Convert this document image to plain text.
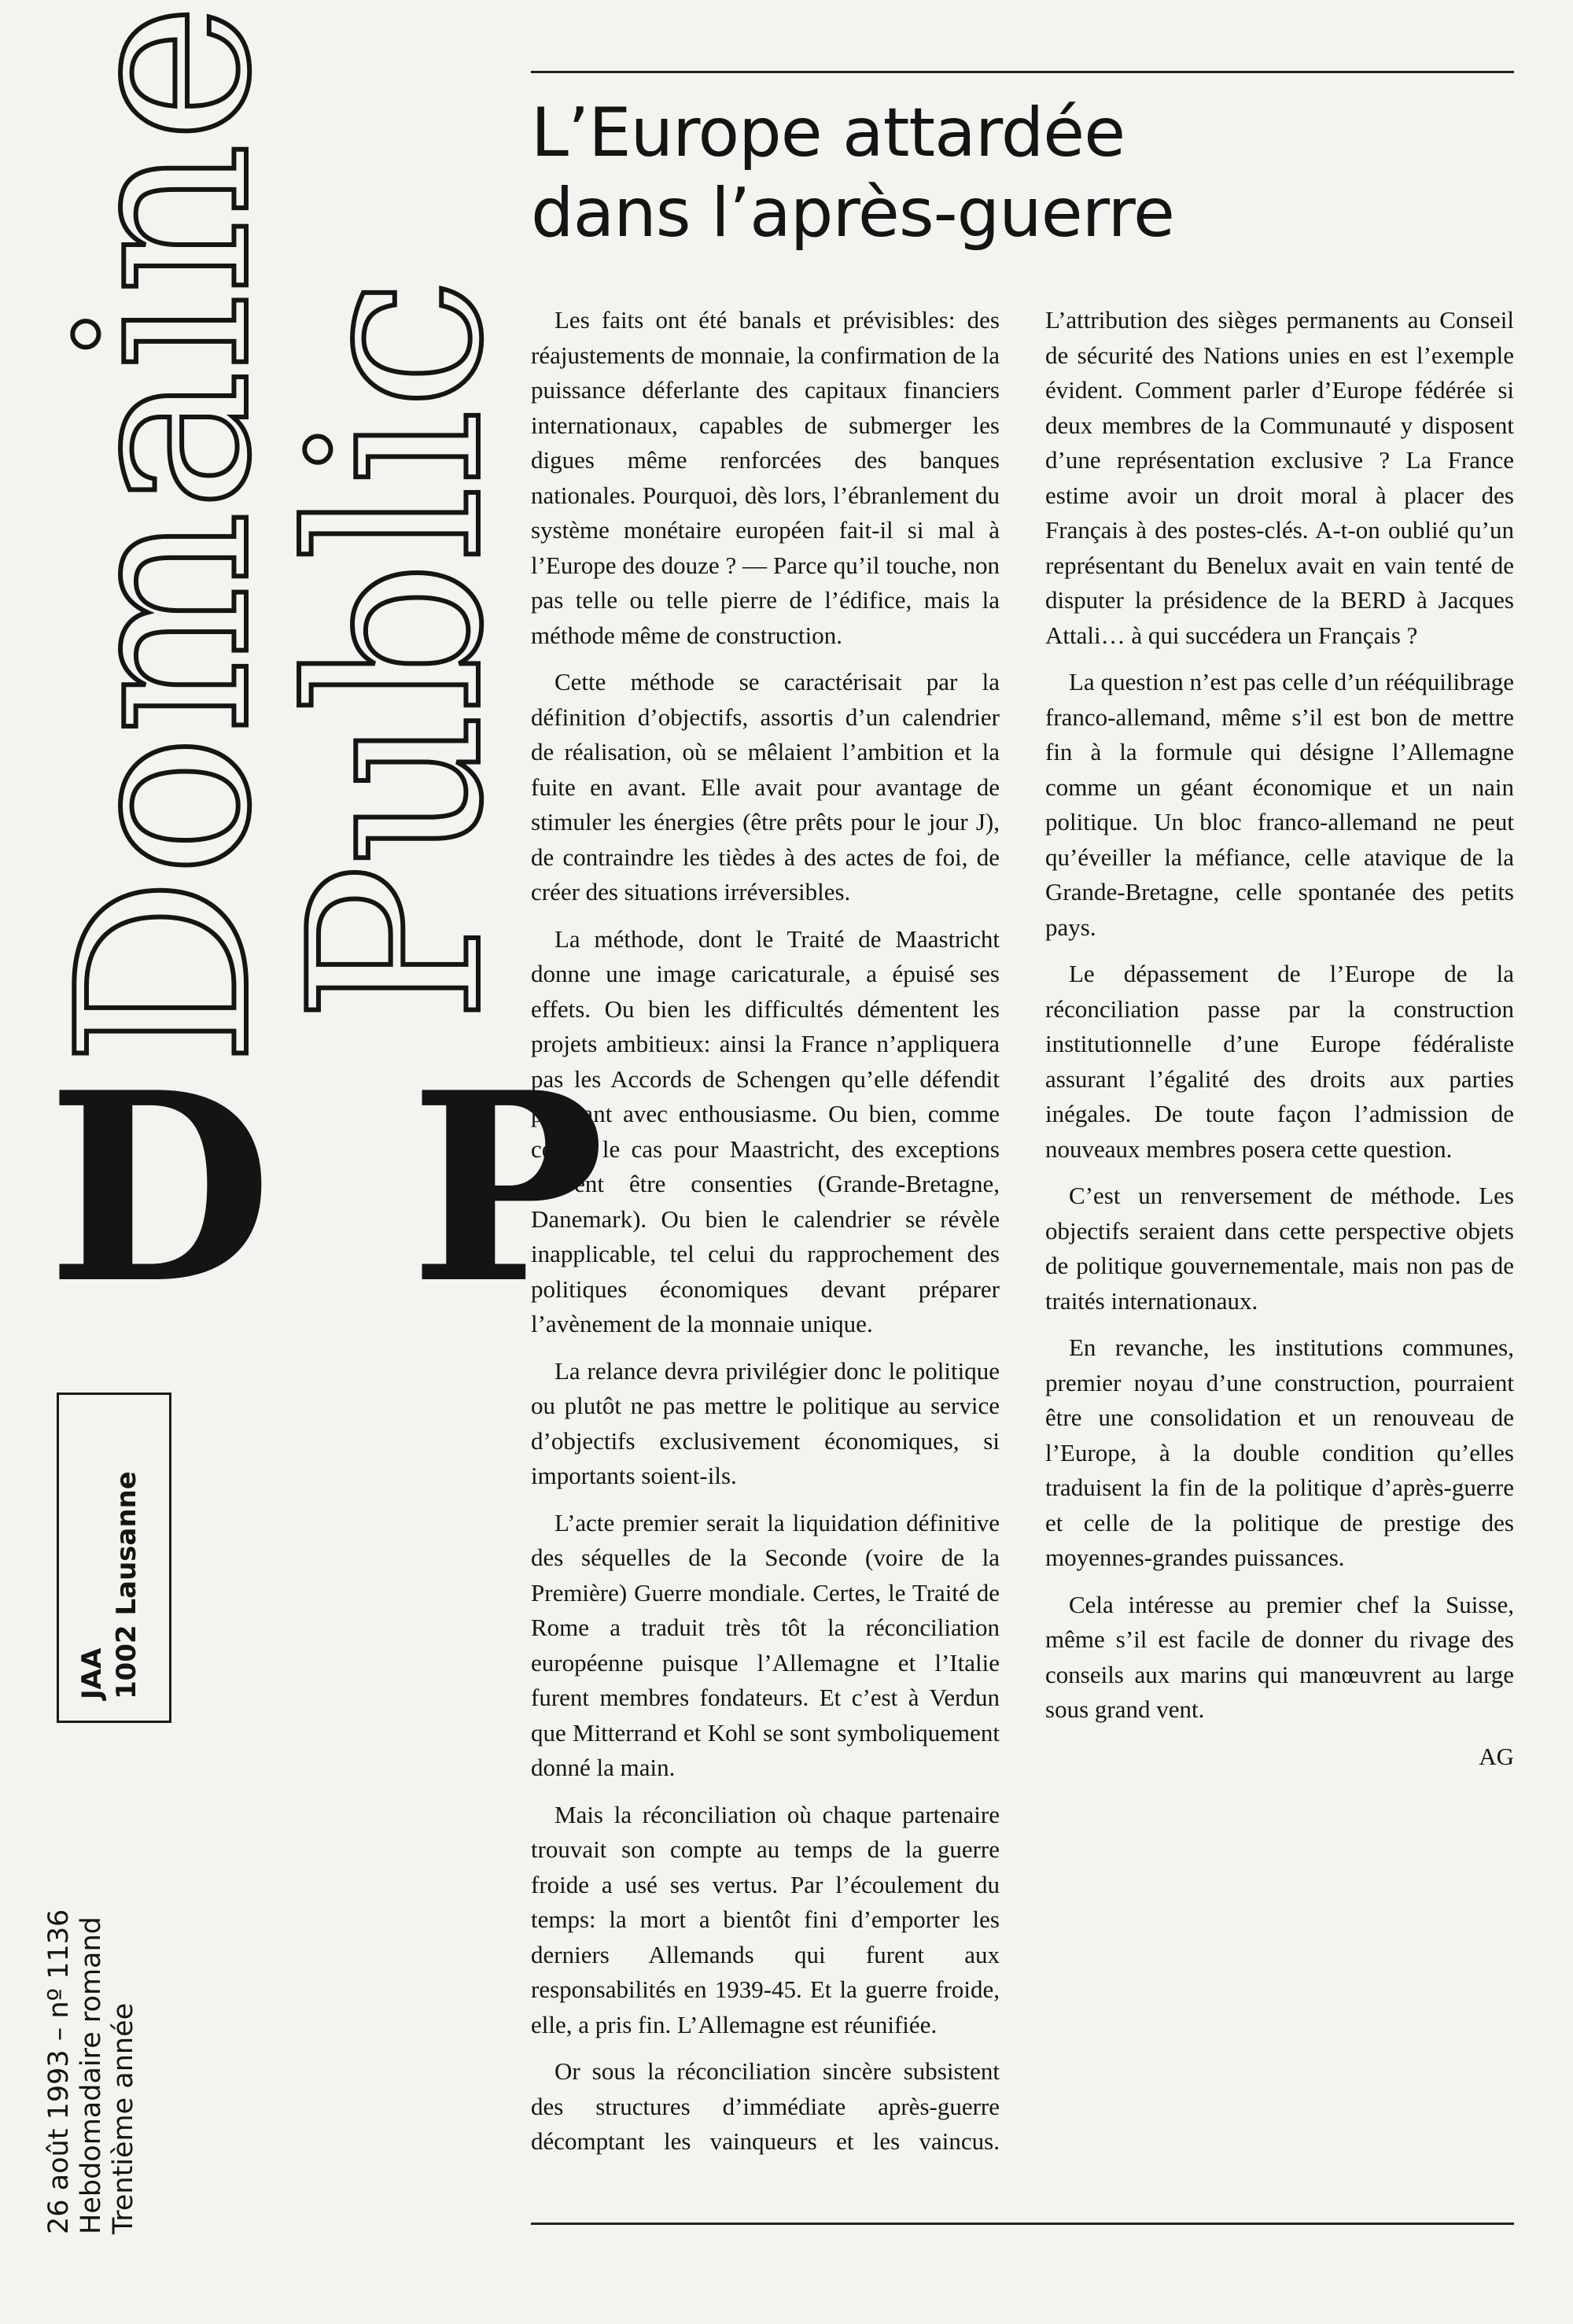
Domaine
Public
D P
JAA 1002 Lausanne
26 août 1993 – nº 1136 Hebdomadaire romand Trentième année
L’Europe attardée
dans l’après-guerre

Les faits ont été banals et prévisibles: des réajustements de monnaie, la confirmation de la puissance déferlante des capitaux financiers internationaux, capables de submerger les digues même renforcées des banques nationales. Pourquoi, dès lors, l’ébranlement du système monétaire européen fait-il si mal à l’Europe des douze ? — Parce qu’il touche, non pas telle ou telle pierre de l’édifice, mais la méthode même de construction.

Cette méthode se caractérisait par la définition d’objectifs, assortis d’un calendrier de réalisation, où se mêlaient l’ambition et la fuite en avant. Elle avait pour avantage de stimuler les énergies (être prêts pour le jour J), de contraindre les tièdes à des actes de foi, de créer des situations irréversibles.

La méthode, dont le Traité de Maastricht donne une image caricaturale, a épuisé ses effets. Ou bien les difficultés démentent les projets ambitieux: ainsi la France n’appliquera pas les Accords de Schengen qu’elle défendit pourtant avec enthousiasme. Ou bien, comme ce fut le cas pour Maastricht, des exceptions doivent être consenties (Grande-Bretagne, Danemark). Ou bien le calendrier se révèle inapplicable, tel celui du rapprochement des politiques économiques devant préparer l’avènement de la monnaie unique.

La relance devra privilégier donc le politique ou plutôt ne pas mettre le politique au service d’objectifs exclusivement économiques, si importants soient-ils.

L’acte premier serait la liquidation définitive des séquelles de la Seconde (voire de la Première) Guerre mondiale. Certes, le Traité de Rome a traduit très tôt la réconciliation européenne puisque l’Allemagne et l’Italie furent membres fondateurs. Et c’est à Verdun que Mitterrand et Kohl se sont symboliquement donné la main.

Mais la réconciliation où chaque partenaire trouvait son compte au temps de la guerre froide a usé ses vertus. Par l’écoulement du temps: la mort a bientôt fini d’emporter les derniers Allemands qui furent aux responsabilités en 1939-45. Et la guerre froide, elle, a pris fin. L’Allemagne est réunifiée.

Or sous la réconciliation sincère subsistent des structures d’immédiate après-guerre décomptant les vainqueurs et les vaincus. L’attribution des sièges permanents au Conseil de sécurité des Nations unies en est l’exemple évident. Comment parler d’Europe fédérée si deux membres de la Communauté y disposent d’une représentation exclusive ? La France estime avoir un droit moral à placer des Français à des postes-clés. A-t-on oublié qu’un représentant du Benelux avait en vain tenté de disputer la présidence de la BERD à Jacques Attali… à qui succédera un Français ?

La question n’est pas celle d’un rééquilibrage franco-allemand, même s’il est bon de mettre fin à la formule qui désigne l’Allemagne comme un géant économique et un nain politique. Un bloc franco-allemand ne peut qu’éveiller la méfiance, celle atavique de la Grande-Bretagne, celle spontanée des petits pays.

Le dépassement de l’Europe de la réconciliation passe par la construction institutionnelle d’une Europe fédéraliste assurant l’égalité des droits aux parties inégales. De toute façon l’admission de nouveaux membres posera cette question.

C’est un renversement de méthode. Les objectifs seraient dans cette perspective objets de politique gouvernementale, mais non pas de traités internationaux.

En revanche, les institutions communes, premier noyau d’une construction, pourraient être une consolidation et un renouveau de l’Europe, à la double condition qu’elles traduisent la fin de la politique d’après-guerre et celle de la politique de prestige des moyennes-grandes puissances.

Cela intéresse au premier chef la Suisse, même s’il est facile de donner du rivage des conseils aux marins qui manœuvrent au large sous grand vent.

AG
